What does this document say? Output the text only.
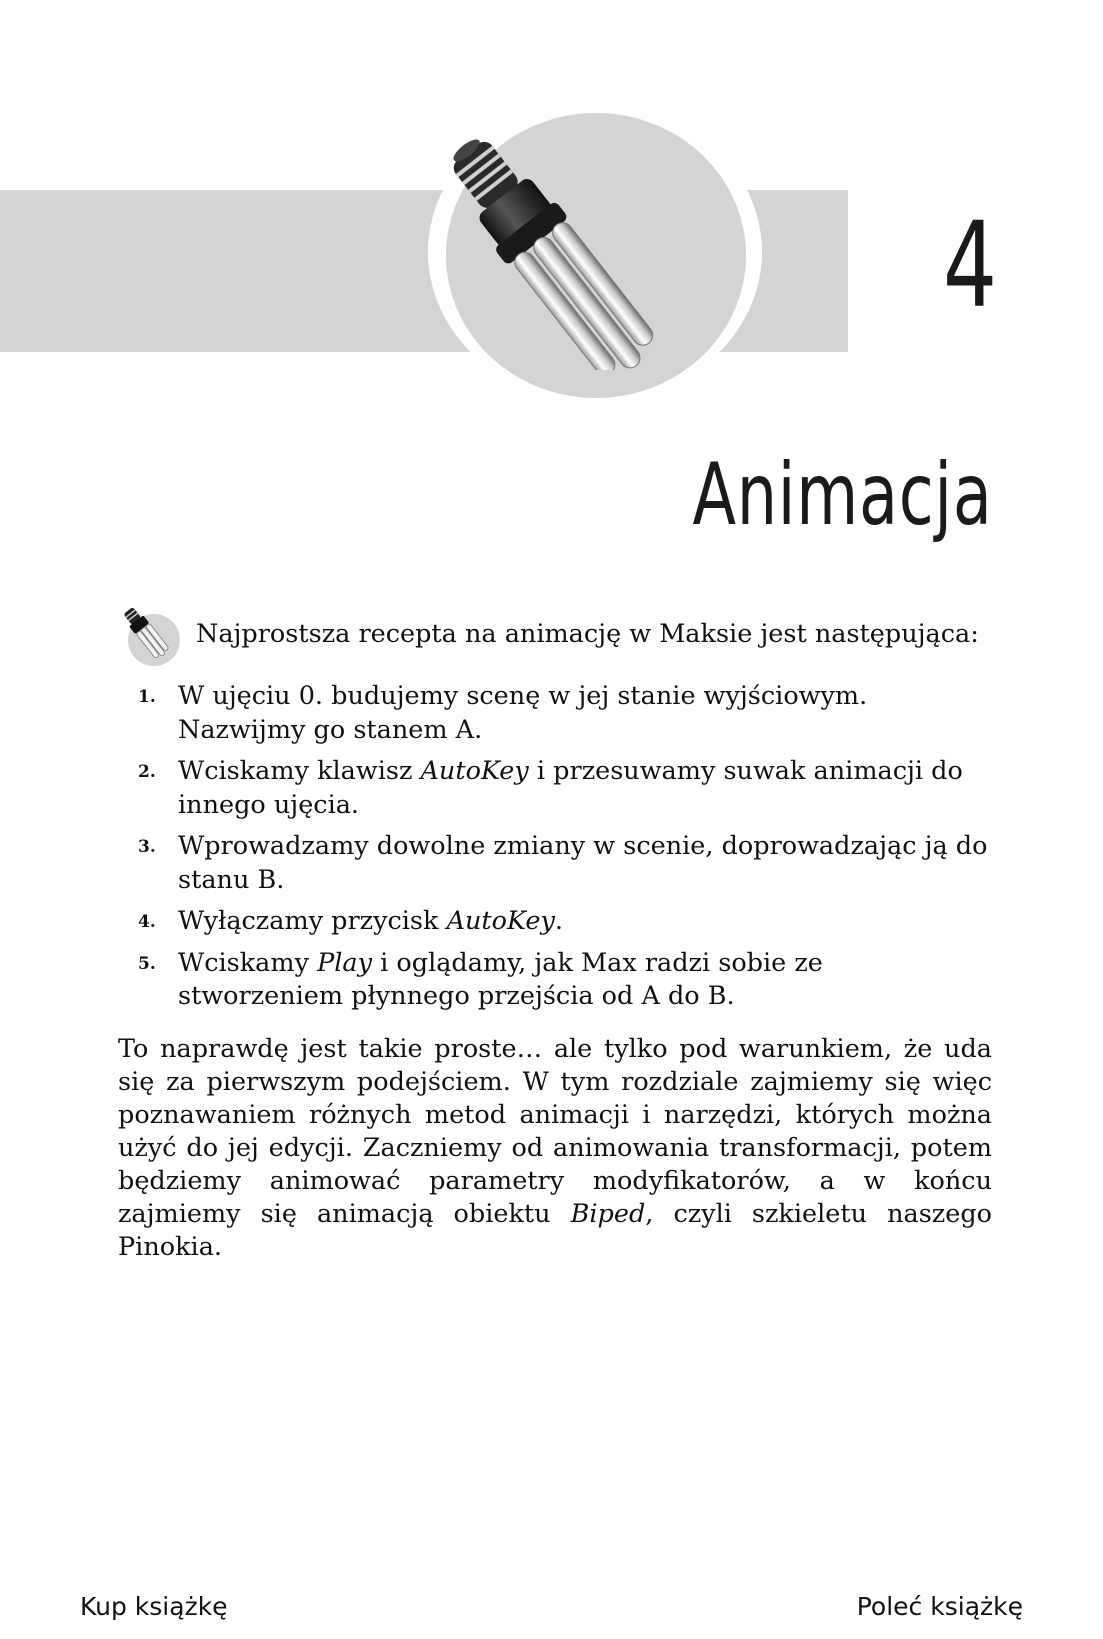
4
Animacja

Najprostsza recepta na animację w Maksie jest następująca:

1. W ujęciu 0. budujemy scenę w jej stanie wyjściowym. Nazwijmy go stanem A.
2. Wciskamy klawisz AutoKey i przesuwamy suwak animacji do innego ujęcia.
3. Wprowadzamy dowolne zmiany w scenie, doprowadzając ją do stanu B.
4. Wyłączamy przycisk AutoKey.
5. Wciskamy Play i oglądamy, jak Max radzi sobie ze stworzeniem płynnego przejścia od A do B.

To naprawdę jest takie proste… ale tylko pod warunkiem, że uda się za pierwszym podejściem. W tym rozdziale zajmiemy się więc poznawaniem różnych metod animacji i narzędzi, których można użyć do jej edycji. Zaczniemy od animowania transformacji, potem będziemy animować parametry modyfikatorów, a w końcu zajmiemy się animacją obiektu Biped, czyli szkieletu naszego Pinokia.

Kup książkę	Poleć książkę
